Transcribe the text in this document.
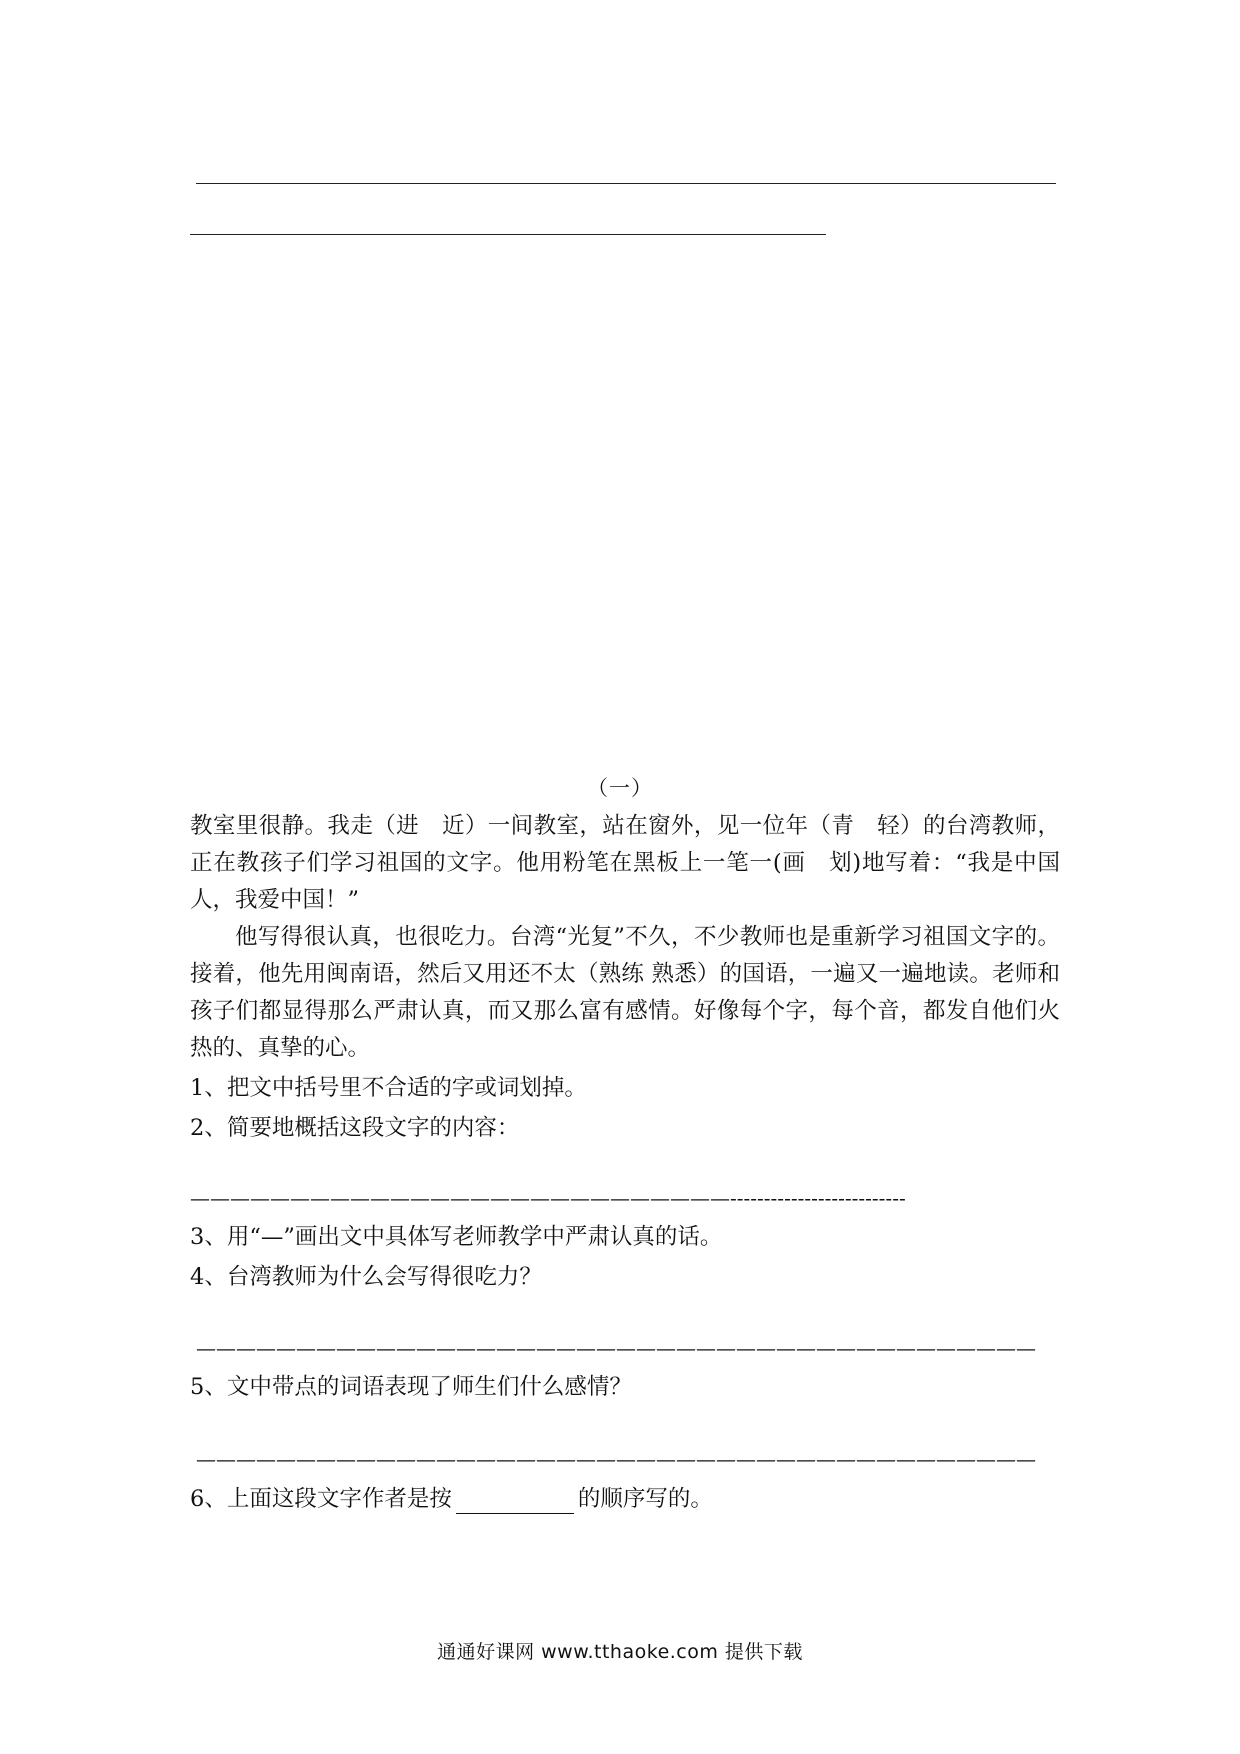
（一）

教室里很静。我走（进　近）一间教室，站在窗外，见一位年（青　轻）的台湾教师，正在教孩子们学习祖国的文字。他用粉笔在黑板上一笔一(画　划)地写着：“我是中国人，我爱中国！”

他写得很认真，也很吃力。台湾“光复”不久，不少教师也是重新学习祖国文字的。接着，他先用闽南语，然后又用还不太（熟练 熟悉）的国语，一遍又一遍地读。老师和孩子们都显得那么严肃认真，而又那么富有感情。好像每个字，每个音，都发自他们火热的、真挚的心。

1、把文中括号里不合适的字或词划掉。
2、简要地概括这段文字的内容：
———————————————————————————--------------------------
3、用“—”画出文中具体写老师教学中严肃认真的话。
4、台湾教师为什么会写得很吃力？
——————————————————————————————————————————
5、文中带点的词语表现了师生们什么感情？
——————————————————————————————————————————
6、上面这段文字作者是按	的顺序写的。
通通好课网 www.tthaoke.com 提供下载
